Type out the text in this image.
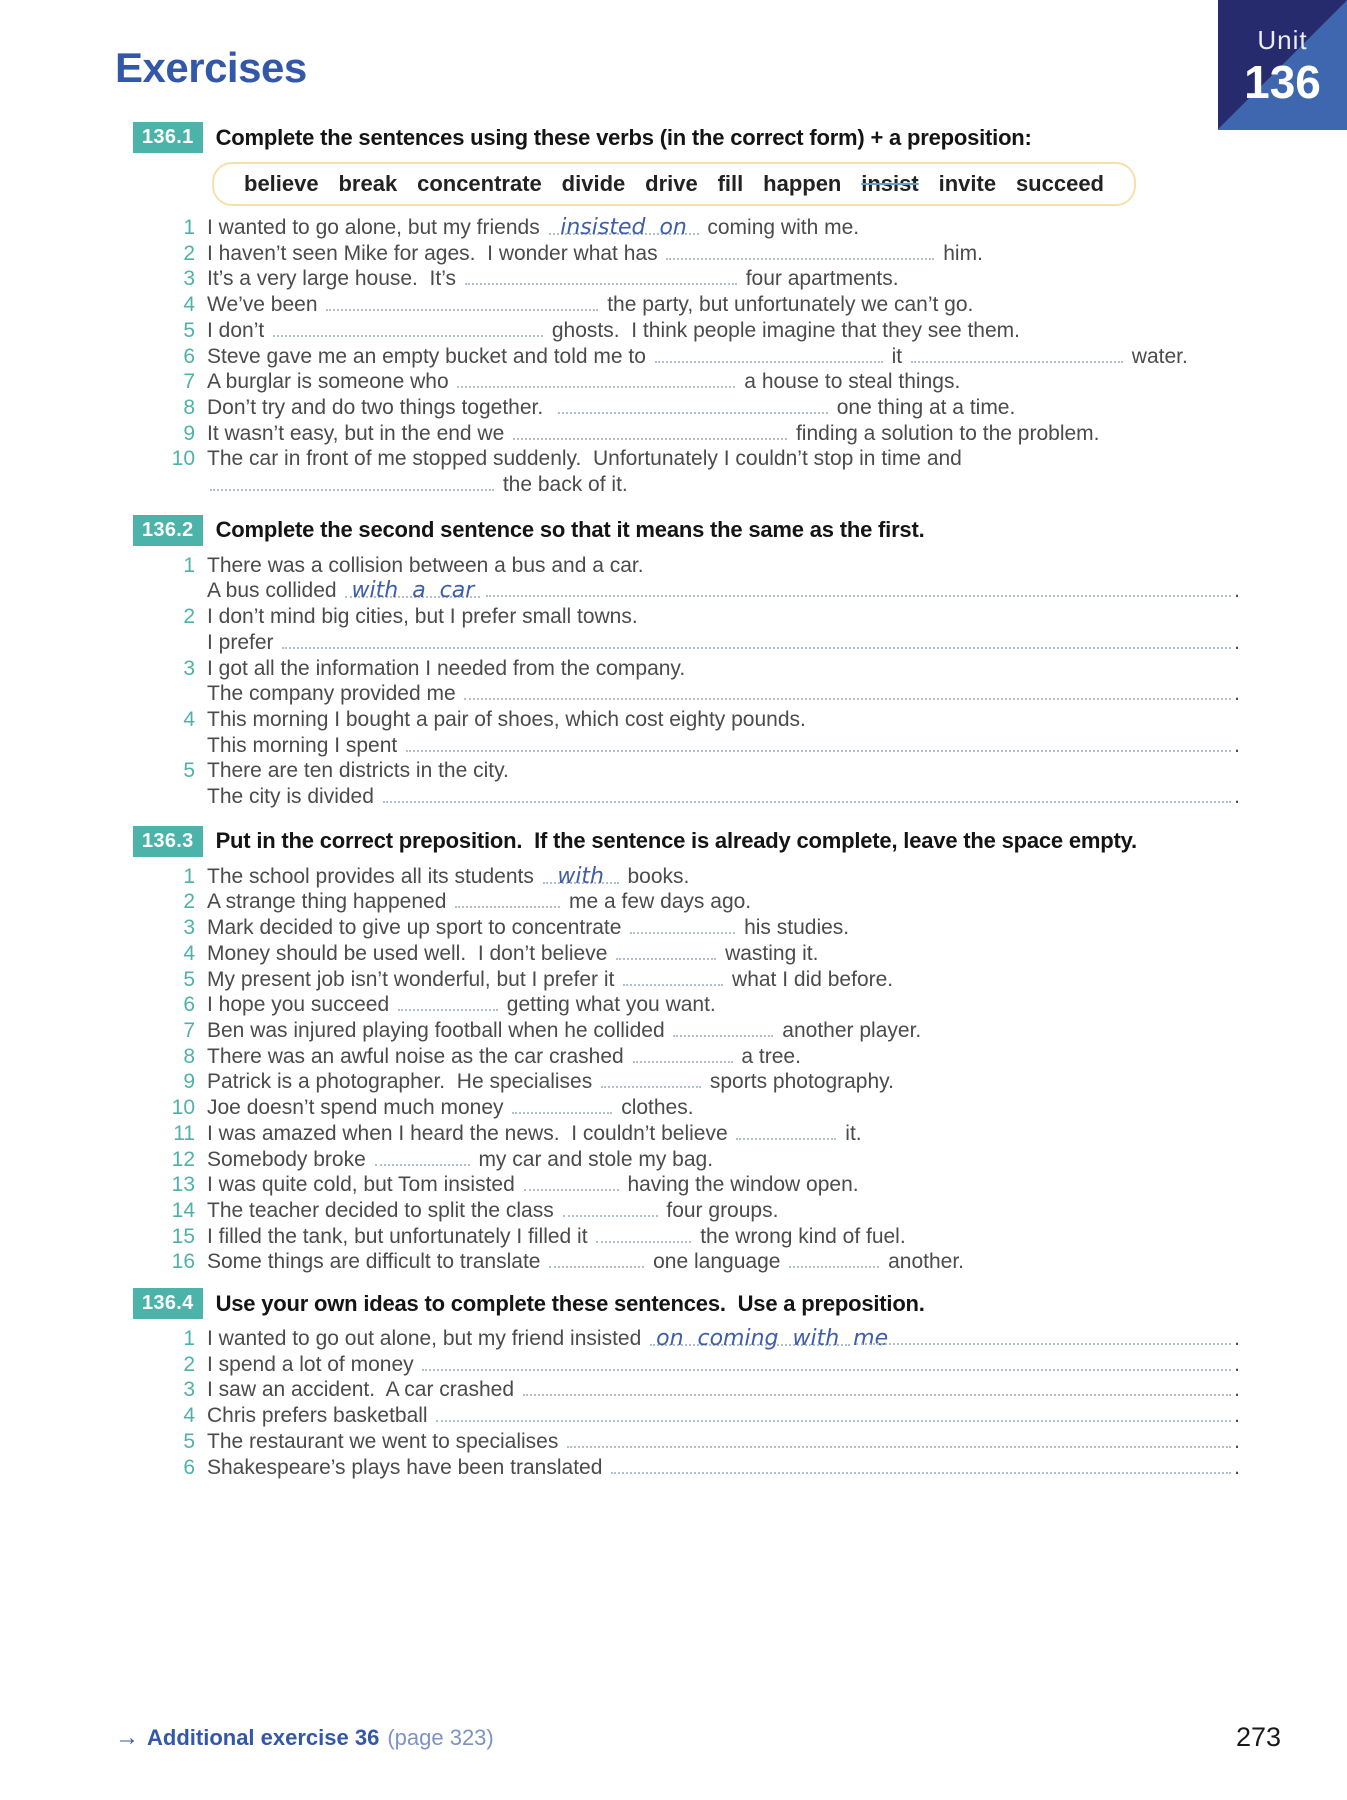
Unit
136
Exercises
136.1	Complete the sentences using these verbs (in the correct form) + a preposition:
believe break concentrate divide drive fill happen insist invite succeed
1 I wanted to go alone, but my friends insisted  on coming with me.
2 I haven’t seen Mike for ages.  I wonder what has	him.
3 It’s a very large house.  It’s	four apartments.
4 We’ve been	the party, but unfortunately we can’t go.
5 I don’t	ghosts.  I think people imagine that they see them.
6 Steve gave me an empty bucket and told me to	it	water.
7 A burglar is someone who	a house to steal things.
8 Don’t try and do two things together.	one thing at a time.
9 It wasn’t easy, but in the end we	finding a solution to the problem.
10 The car in front of me stopped suddenly.  Unfortunately I couldn’t stop in time and
the back of it.
136.2	Complete the second sentence so that it means the same as the first.
1 There was a collision between a bus and a car.
A bus collided with  a  car	.
2 I don’t mind big cities, but I prefer small towns.
I prefer	.
3 I got all the information I needed from the company.
The company provided me	.
4 This morning I bought a pair of shoes, which cost eighty pounds.
This morning I spent	.
5 There are ten districts in the city.
The city is divided	.
136.3	Put in the correct preposition.  If the sentence is already complete, leave the space empty.
1 The school provides all its students with books.
2 A strange thing happened	me a few days ago.
3 Mark decided to give up sport to concentrate	his studies.
4 Money should be used well.  I don’t believe	wasting it.
5 My present job isn’t wonderful, but I prefer it	what I did before.
6 I hope you succeed	getting what you want.
7 Ben was injured playing football when he collided	another player.
8 There was an awful noise as the car crashed	a tree.
9 Patrick is a photographer.  He specialises	sports photography.
10 Joe doesn’t spend much money	clothes.
11 I was amazed when I heard the news.  I couldn’t believe	it.
12 Somebody broke	my car and stole my bag.
13 I was quite cold, but Tom insisted	having the window open.
14 The teacher decided to split the class	four groups.
15 I filled the tank, but unfortunately I filled it	the wrong kind of fuel.
16 Some things are difficult to translate	one language	another.
136.4	Use your own ideas to complete these sentences.  Use a preposition.
1 I wanted to go out alone, but my friend insisted on  coming  with  me	.
2 I spend a lot of money	.
3 I saw an accident.  A car crashed	.
4 Chris prefers basketball	.
5 The restaurant we went to specialises	.
6 Shakespeare’s plays have been translated	.
→ Additional exercise 36 (page 323)	273
